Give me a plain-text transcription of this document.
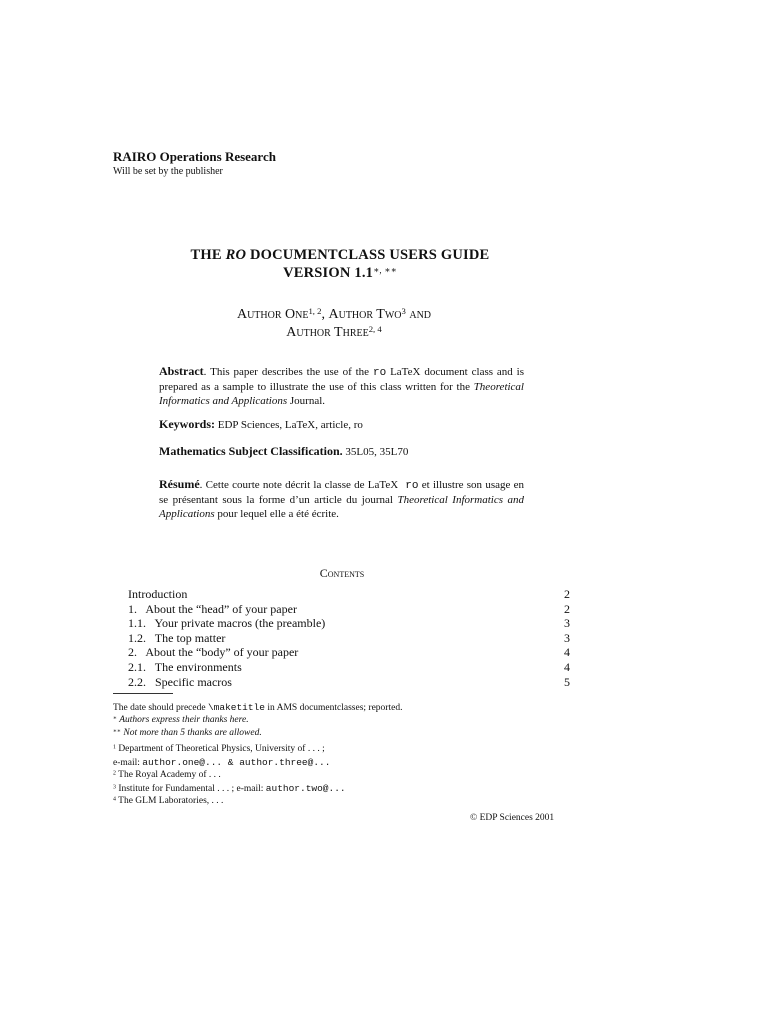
RAIRO Operations Research
Will be set by the publisher
THE RO DOCUMENTCLASS USERS GUIDE
VERSION 1.1∗, ∗∗
Author One$^{1, 2}$, Author Two$^3$ and
Author Three$^{2, 4}$
Abstract. This paper describes the use of the ro LaTeX document class and is prepared as a sample to illustrate the use of this class written for the Theoretical Informatics and Applications Journal.
Keywords: EDP Sciences, LaTeX, article, ro
Mathematics Subject Classification. 35L05, 35L70
Résumé. Cette courte note décrit la classe de LaTeX ro et illustre son usage en se présentant sous la forme d’un article du journal Theoretical Informatics and Applications pour lequel elle a été écrite.
Contents
Introduction	2
1.   About the “head” of your paper	2
1.1.   Your private macros (the preamble)	3
1.2.   The top matter	3
2.   About the “body” of your paper	4
2.1.   The environments	4
2.2.   Specific macros	5
The date should precede \maketitle in AMS documentclasses; reported.
∗ Authors express their thanks here.
∗∗ Not more than 5 thanks are allowed.
$^1$ Department of Theoretical Physics, University of . . . ;
e-mail: author.one@... & author.three@...
$^2$ The Royal Academy of . . .
$^3$ Institute for Fundamental . . . ; e-mail: author.two@...
$^4$ The GLM Laboratories, . . .
© EDP Sciences 2001
